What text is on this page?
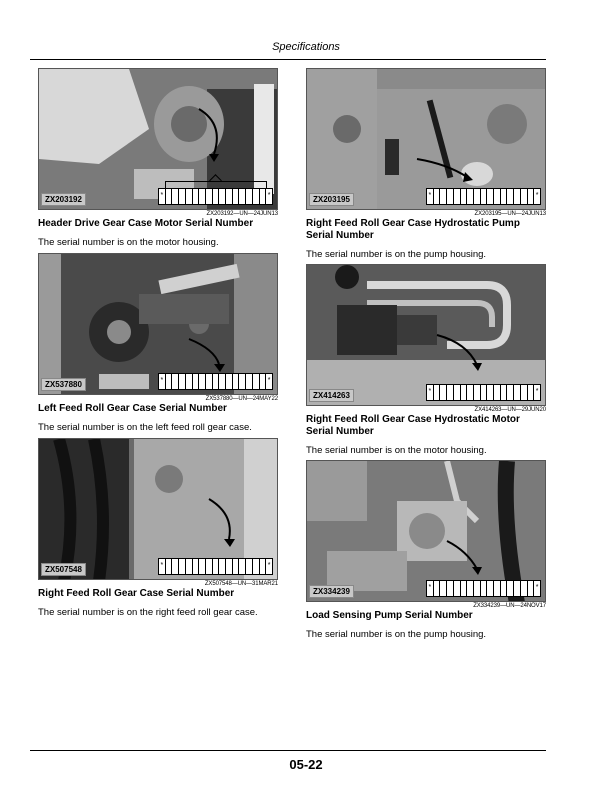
Specifications
*	*
ZX203192
ZX203192—UN—24JUN13
Header Drive Gear Case Motor Serial Number
The serial number is on the motor housing.
*	*
ZX537880
ZX537880—UN—24MAY22
Left Feed Roll Gear Case Serial Number
The serial number is on the left feed roll gear case.
*	*
ZX507548
ZX507548—UN—31MAR21
Right Feed Roll Gear Case Serial Number
The serial number is on the right feed roll gear case.
*	*
ZX203195
ZX203195—UN—24JUN13
Right Feed Roll Gear Case Hydrostatic Pump Serial Number
The serial number is on the pump housing.
*	*
ZX414263
ZX414263—UN—29JUN20
Right Feed Roll Gear Case Hydrostatic Motor Serial Number
The serial number is on the motor housing.
*	*
ZX334239
ZX334239—UN—24NOV17
Load Sensing Pump Serial Number
The serial number is on the pump housing.
05-22
